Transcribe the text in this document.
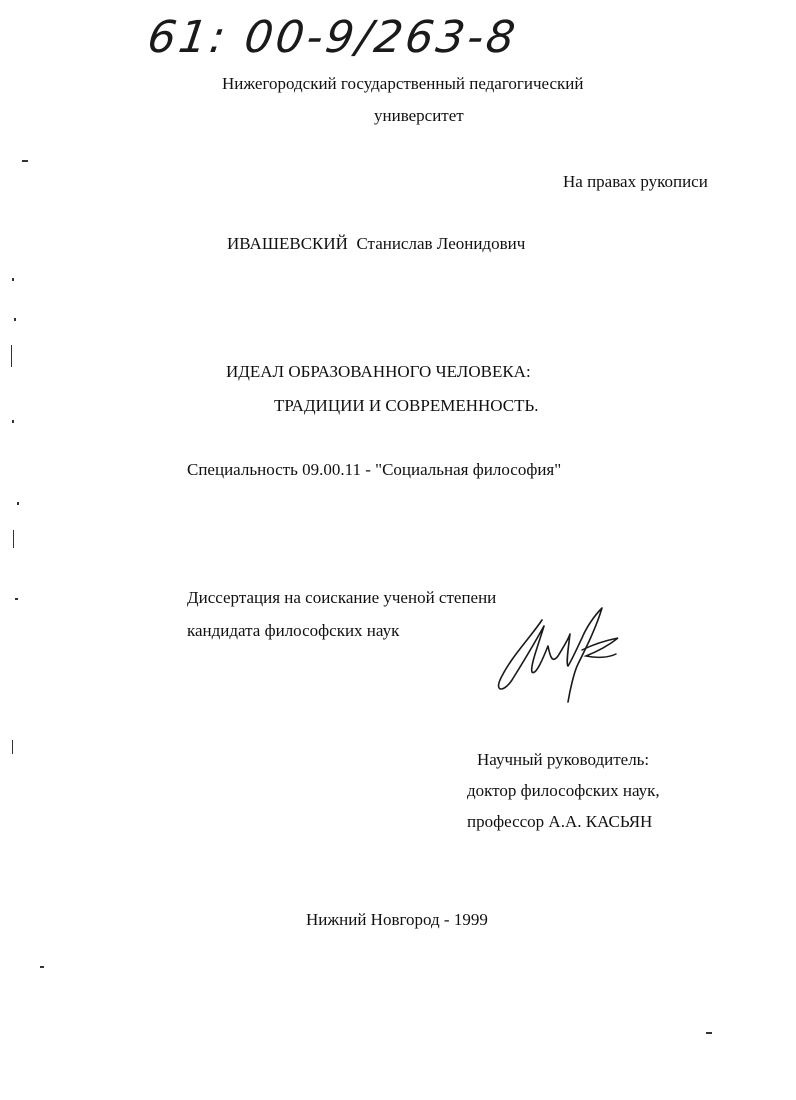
61: 00-9/263-8
Нижегородский государственный педагогический
университет
На правах рукописи
ИВАШЕВСКИЙ Станислав Леонидович
ИДЕАЛ ОБРАЗОВАННОГО ЧЕЛОВЕКА:
ТРАДИЦИИ И СОВРЕМЕННОСТЬ.
Специальность 09.00.11 - "Социальная философия"
Диссертация на соискание ученой степени
кандидата философских наук
Научный руководитель:
доктор философских наук,
профессор А.А. КАСЬЯН
Нижний Новгород - 1999
